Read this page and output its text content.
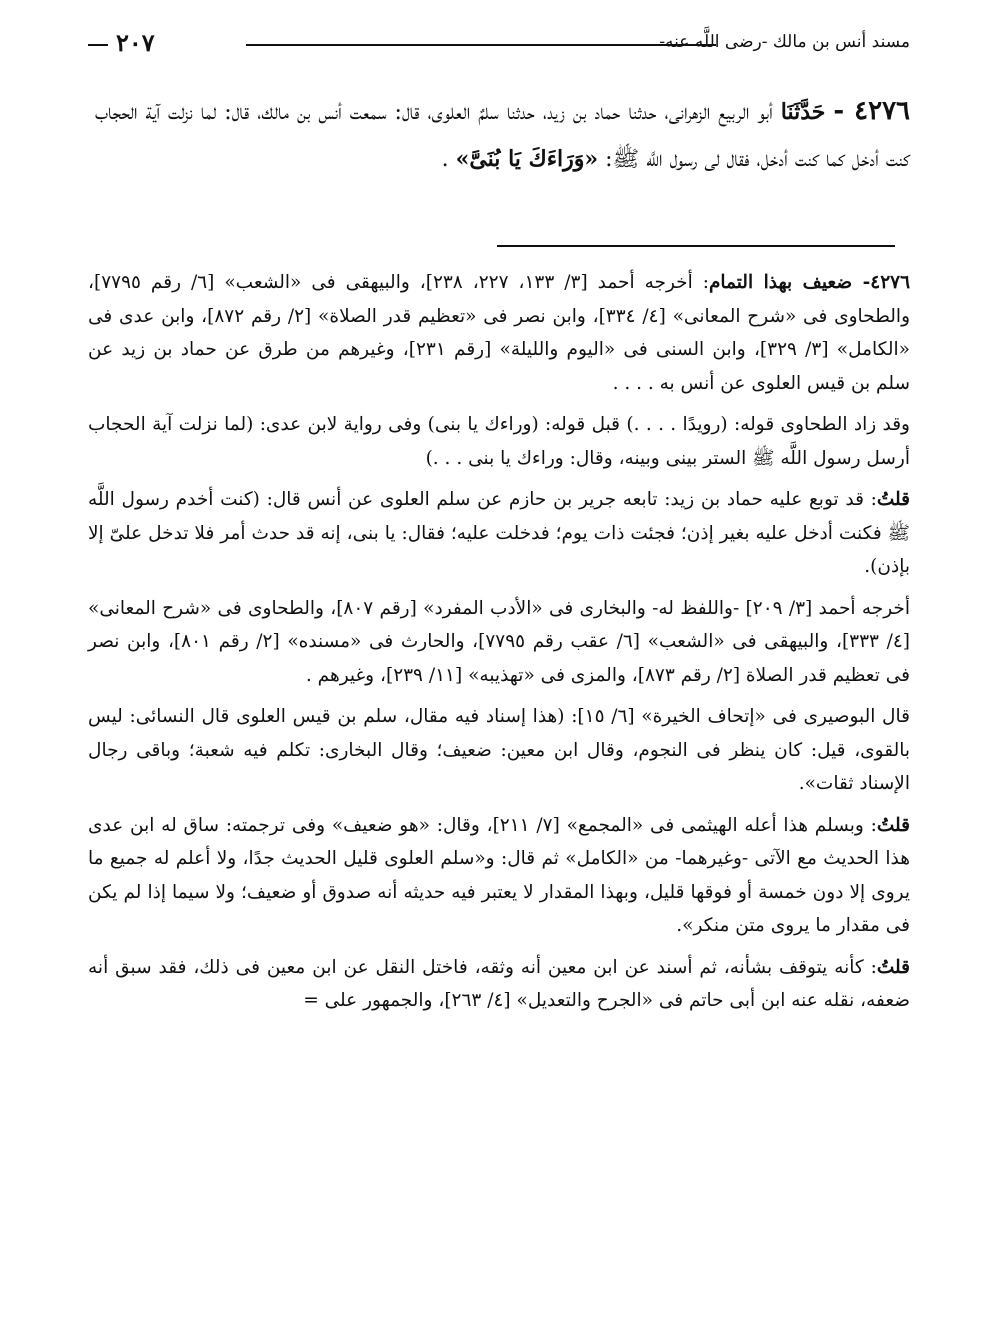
مسند أنس بن مالك -رضى اللَّه عنه-
٢٠٧
٤٢٧٦ - حَدَّثَنَا أبو الربيع الزهرانى، حدثنا حماد بن زيد، حدثنا سلمٌ العلوى، قال: سمعت أنس بن مالك، قال: لما نزلت آية الحجاب كنت أدخل كما كنت أدخل، فقال لى رسول اللَّه ﷺ: «وَرَاءَكَ يَا بُنَىَّ» .

٤٢٧٦- ضعيف بهذا التمام: أخرجه أحمد [٣/ ١٣٣، ٢٢٧، ٢٣٨]، والبيهقى فى «الشعب» [٦/ رقم ٧٧٩٥]، والطحاوى فى «شرح المعانى» [٤/ ٣٣٤]، وابن نصر فى «تعظيم قدر الصلاة» [٢/ رقم ٨٧٢]، وابن عدى فى «الكامل» [٣/ ٣٢٩]، وابن السنى فى «اليوم والليلة» [رقم ٢٣١]، وغيرهم من طرق عن حماد بن زيد عن سلم بن قيس العلوى عن أنس به . . . .

وقد زاد الطحاوى قوله: (رويدًا . . . .) قبل قوله: (وراءك يا بنى) وفى رواية لابن عدى: (لما نزلت آية الحجاب أرسل رسول اللَّه ﷺ الستر بينى وبينه، وقال: وراءك يا بنى . . .)

قلتُ: قد توبع عليه حماد بن زيد: تابعه جرير بن حازم عن سلم العلوى عن أنس قال: (كنت أخدم رسول اللَّه ﷺ فكنت أدخل عليه بغير إذن؛ فجئت ذات يوم؛ فدخلت عليه؛ فقال: يا بنى، إنه قد حدث أمر فلا تدخل علىّ إلا بإذن).

أخرجه أحمد [٣/ ٢٠٩] -واللفظ له- والبخارى فى «الأدب المفرد» [رقم ٨٠٧]، والطحاوى فى «شرح المعانى» [٤/ ٣٣٣]، والبيهقى فى «الشعب» [٦/ عقب رقم ٧٧٩٥]، والحارث فى «مسنده» [٢/ رقم ٨٠١]، وابن نصر فى تعظيم قدر الصلاة [٢/ رقم ٨٧٣]، والمزى فى «تهذيبه» [١١/ ٢٣٩]، وغيرهم .

قال البوصيرى فى «إتحاف الخيرة» [٦/ ١٥]: (هذا إسناد فيه مقال، سلم بن قيس العلوى قال النسائى: ليس بالقوى، قيل: كان ينظر فى النجوم، وقال ابن معين: ضعيف؛ وقال البخارى: تكلم فيه شعبة؛ وباقى رجال الإسناد ثقات».

قلتُ: وبسلم هذا أعله الهيثمى فى «المجمع» [٧/ ٢١١]، وقال: «هو ضعيف» وفى ترجمته: ساق له ابن عدى هذا الحديث مع الآتى -وغيرهما- من «الكامل» ثم قال: و«سلم العلوى قليل الحديث جدًا، ولا أعلم له جميع ما يروى إلا دون خمسة أو فوقها قليل، وبهذا المقدار لا يعتبر فيه حديثه أنه صدوق أو ضعيف؛ ولا سيما إذا لم يكن فى مقدار ما يروى متن منكر».

قلتُ: كأنه يتوقف بشأنه، ثم أسند عن ابن معين أنه وثقه، فاختل النقل عن ابن معين فى ذلك، فقد سبق أنه ضعفه، نقله عنه ابن أبى حاتم فى «الجرح والتعديل» [٤/ ٢٦٣]، والجمهور على =
